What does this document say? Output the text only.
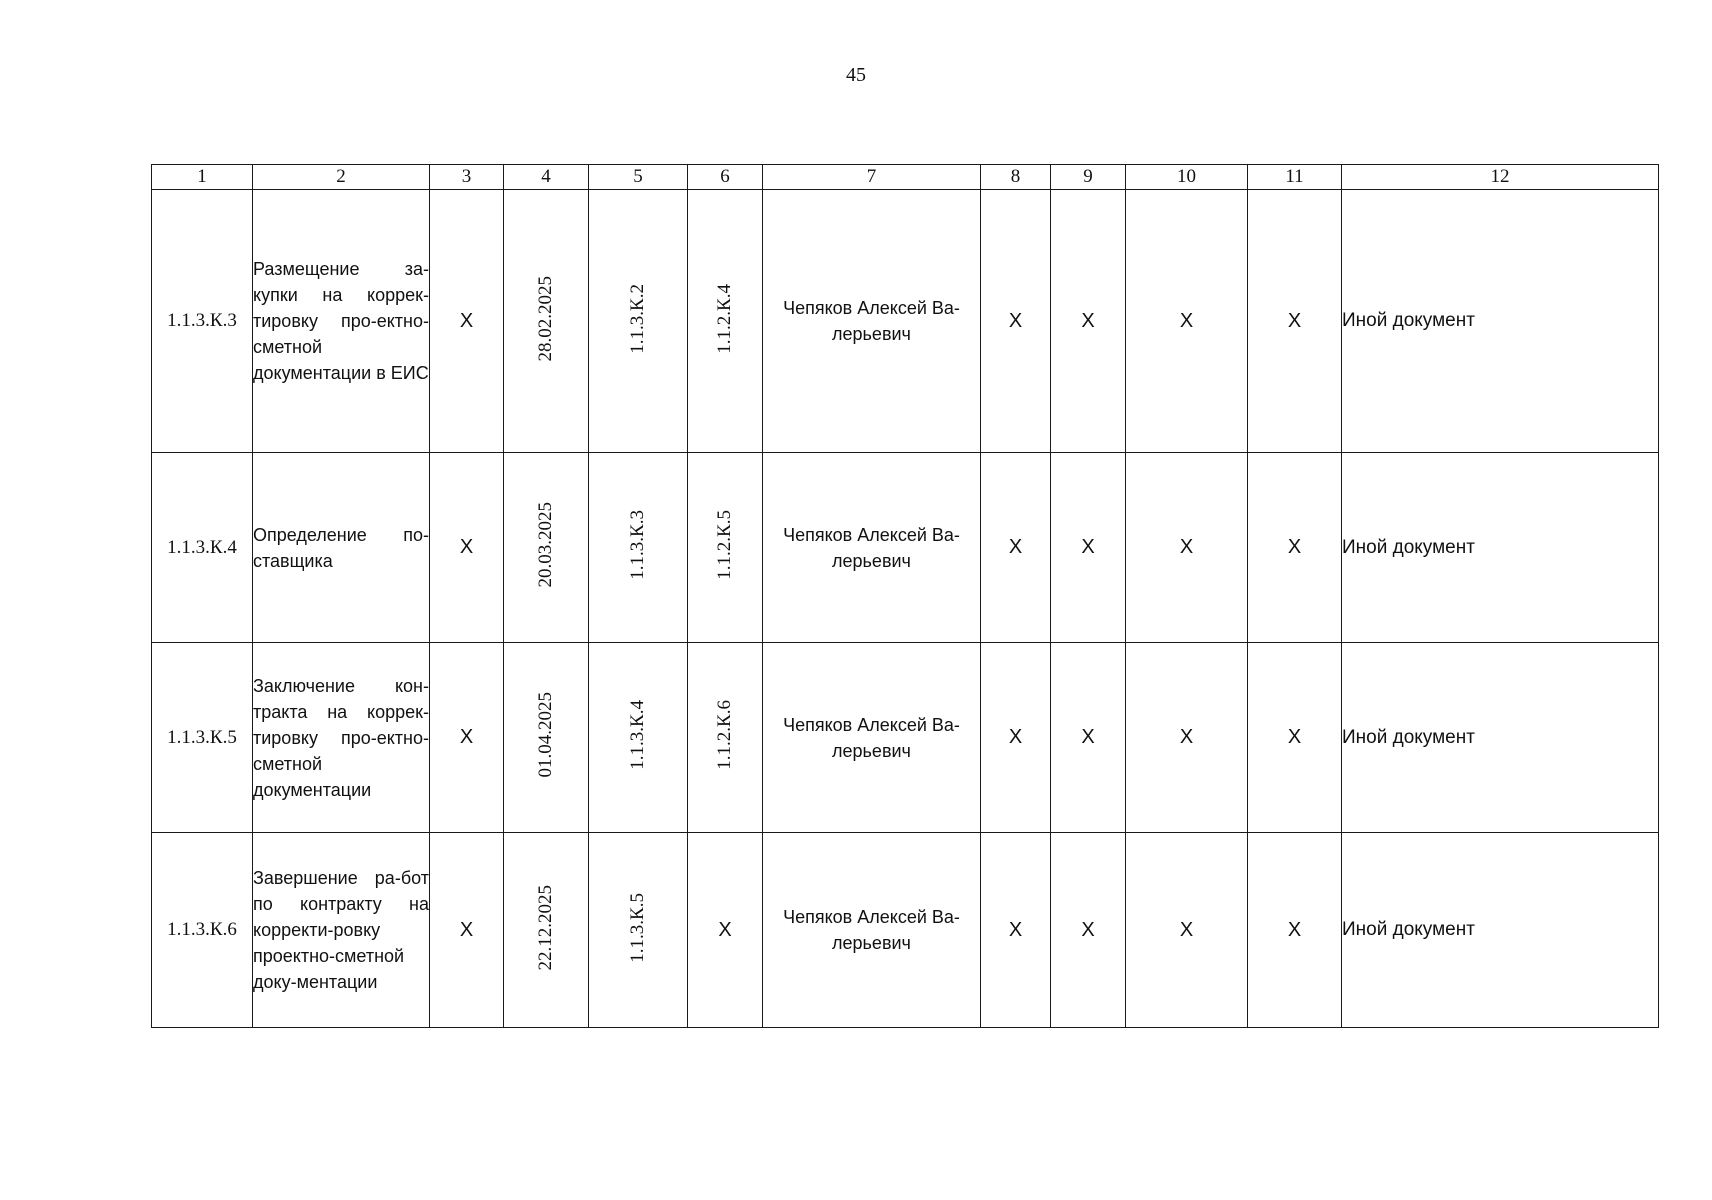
45
1	2	3	4	5	6	7	8	9	10	11	12
1.1.3.К.3	Размещение за-купки на коррек-тировку про-ектно-сметной документации в ЕИС	X	28.02.2025	1.1.3.К.2	1.1.2.К.4	Чепяков Алексей Ва-лерьевич	X	X	X	X	Иной документ
1.1.3.К.4	Определение по-ставщика	X	20.03.2025	1.1.3.К.3	1.1.2.К.5	Чепяков Алексей Ва-лерьевич	X	X	X	X	Иной документ
1.1.3.К.5	Заключение кон-тракта на коррек-тировку про-ектно-сметной документации	X	01.04.2025	1.1.3.К.4	1.1.2.К.6	Чепяков Алексей Ва-лерьевич	X	X	X	X	Иной документ
1.1.3.К.6	Завершение ра-бот по контракту на корректи-ровку проектно-сметной доку-ментации	X	22.12.2025	1.1.3.К.5	X	Чепяков Алексей Ва-лерьевич	X	X	X	X	Иной документ
